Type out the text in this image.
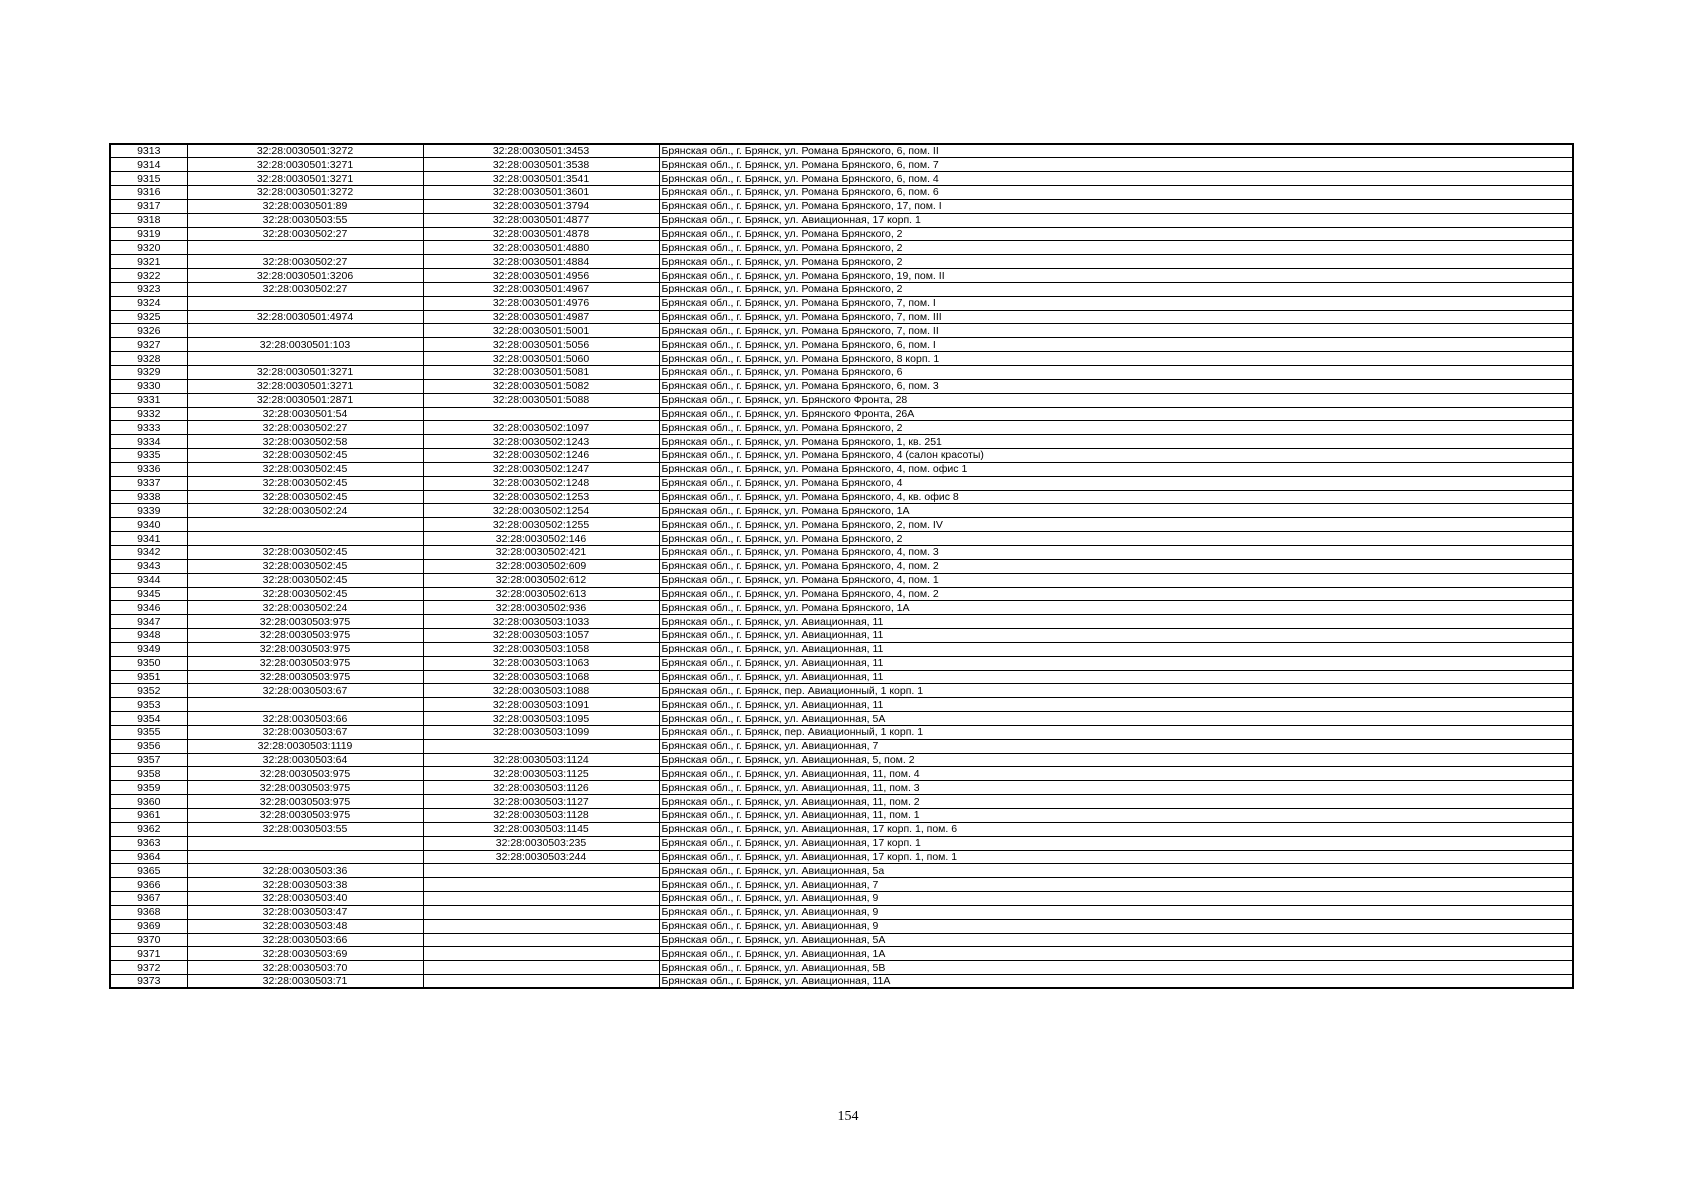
9313	32:28:0030501:3272	32:28:0030501:3453	Брянская обл., г. Брянск, ул. Романа Брянского, 6, пом. II
9314	32:28:0030501:3271	32:28:0030501:3538	Брянская обл., г. Брянск, ул. Романа Брянского, 6, пом. 7
9315	32:28:0030501:3271	32:28:0030501:3541	Брянская обл., г. Брянск, ул. Романа Брянского, 6, пом. 4
9316	32:28:0030501:3272	32:28:0030501:3601	Брянская обл., г. Брянск, ул. Романа Брянского, 6, пом. 6
9317	32:28:0030501:89	32:28:0030501:3794	Брянская обл., г. Брянск, ул. Романа Брянского, 17, пом. I
9318	32:28:0030503:55	32:28:0030501:4877	Брянская обл., г. Брянск, ул. Авиационная, 17 корп. 1
9319	32:28:0030502:27	32:28:0030501:4878	Брянская обл., г. Брянск, ул. Романа Брянского, 2
9320		32:28:0030501:4880	Брянская обл., г. Брянск, ул. Романа Брянского, 2
9321	32:28:0030502:27	32:28:0030501:4884	Брянская обл., г. Брянск, ул. Романа Брянского, 2
9322	32:28:0030501:3206	32:28:0030501:4956	Брянская обл., г. Брянск, ул. Романа Брянского, 19, пом. II
9323	32:28:0030502:27	32:28:0030501:4967	Брянская обл., г. Брянск, ул. Романа Брянского, 2
9324		32:28:0030501:4976	Брянская обл., г. Брянск, ул. Романа Брянского, 7, пом. I
9325	32:28:0030501:4974	32:28:0030501:4987	Брянская обл., г. Брянск, ул. Романа Брянского, 7, пом. III
9326		32:28:0030501:5001	Брянская обл., г. Брянск, ул. Романа Брянского, 7, пом. II
9327	32:28:0030501:103	32:28:0030501:5056	Брянская обл., г. Брянск, ул. Романа Брянского, 6, пом. I
9328		32:28:0030501:5060	Брянская обл., г. Брянск, ул. Романа Брянского, 8 корп. 1
9329	32:28:0030501:3271	32:28:0030501:5081	Брянская обл., г. Брянск, ул. Романа Брянского, 6
9330	32:28:0030501:3271	32:28:0030501:5082	Брянская обл., г. Брянск, ул. Романа Брянского, 6, пом. 3
9331	32:28:0030501:2871	32:28:0030501:5088	Брянская обл., г. Брянск, ул. Брянского Фронта, 28
9332	32:28:0030501:54		Брянская обл., г. Брянск, ул. Брянского Фронта, 26А
9333	32:28:0030502:27	32:28:0030502:1097	Брянская обл., г. Брянск, ул. Романа Брянского, 2
9334	32:28:0030502:58	32:28:0030502:1243	Брянская обл., г. Брянск, ул. Романа Брянского, 1, кв. 251
9335	32:28:0030502:45	32:28:0030502:1246	Брянская обл., г. Брянск, ул. Романа Брянского, 4 (салон красоты)
9336	32:28:0030502:45	32:28:0030502:1247	Брянская обл., г. Брянск, ул. Романа Брянского, 4, пом. офис 1
9337	32:28:0030502:45	32:28:0030502:1248	Брянская обл., г. Брянск, ул. Романа Брянского, 4
9338	32:28:0030502:45	32:28:0030502:1253	Брянская обл., г. Брянск, ул. Романа Брянского, 4, кв. офис 8
9339	32:28:0030502:24	32:28:0030502:1254	Брянская обл., г. Брянск, ул. Романа Брянского, 1А
9340		32:28:0030502:1255	Брянская обл., г. Брянск, ул. Романа Брянского, 2, пом. IV
9341		32:28:0030502:146	Брянская обл., г. Брянск, ул. Романа Брянского, 2
9342	32:28:0030502:45	32:28:0030502:421	Брянская обл., г. Брянск, ул. Романа Брянского, 4, пом. 3
9343	32:28:0030502:45	32:28:0030502:609	Брянская обл., г. Брянск, ул. Романа Брянского, 4, пом. 2
9344	32:28:0030502:45	32:28:0030502:612	Брянская обл., г. Брянск, ул. Романа Брянского, 4, пом. 1
9345	32:28:0030502:45	32:28:0030502:613	Брянская обл., г. Брянск, ул. Романа Брянского, 4, пом. 2
9346	32:28:0030502:24	32:28:0030502:936	Брянская обл., г. Брянск, ул. Романа Брянского, 1А
9347	32:28:0030503:975	32:28:0030503:1033	Брянская обл., г. Брянск, ул. Авиационная, 11
9348	32:28:0030503:975	32:28:0030503:1057	Брянская обл., г. Брянск, ул. Авиационная, 11
9349	32:28:0030503:975	32:28:0030503:1058	Брянская обл., г. Брянск, ул. Авиационная, 11
9350	32:28:0030503:975	32:28:0030503:1063	Брянская обл., г. Брянск, ул. Авиационная, 11
9351	32:28:0030503:975	32:28:0030503:1068	Брянская обл., г. Брянск, ул. Авиационная, 11
9352	32:28:0030503:67	32:28:0030503:1088	Брянская обл., г. Брянск, пер. Авиационный, 1 корп. 1
9353		32:28:0030503:1091	Брянская обл., г. Брянск, ул. Авиационная, 11
9354	32:28:0030503:66	32:28:0030503:1095	Брянская обл., г. Брянск, ул. Авиационная, 5А
9355	32:28:0030503:67	32:28:0030503:1099	Брянская обл., г. Брянск, пер. Авиационный, 1 корп. 1
9356	32:28:0030503:1119		Брянская обл., г. Брянск, ул. Авиационная, 7
9357	32:28:0030503:64	32:28:0030503:1124	Брянская обл., г. Брянск, ул. Авиационная, 5, пом. 2
9358	32:28:0030503:975	32:28:0030503:1125	Брянская обл., г. Брянск, ул. Авиационная, 11, пом. 4
9359	32:28:0030503:975	32:28:0030503:1126	Брянская обл., г. Брянск, ул. Авиационная, 11, пом. 3
9360	32:28:0030503:975	32:28:0030503:1127	Брянская обл., г. Брянск, ул. Авиационная, 11, пом. 2
9361	32:28:0030503:975	32:28:0030503:1128	Брянская обл., г. Брянск, ул. Авиационная, 11, пом. 1
9362	32:28:0030503:55	32:28:0030503:1145	Брянская обл., г. Брянск, ул. Авиационная, 17 корп. 1, пом. 6
9363		32:28:0030503:235	Брянская обл., г. Брянск, ул. Авиационная, 17 корп. 1
9364		32:28:0030503:244	Брянская обл., г. Брянск, ул. Авиационная, 17 корп. 1, пом. 1
9365	32:28:0030503:36		Брянская обл., г. Брянск, ул. Авиационная, 5а
9366	32:28:0030503:38		Брянская обл., г. Брянск, ул. Авиационная, 7
9367	32:28:0030503:40		Брянская обл., г. Брянск, ул. Авиационная, 9
9368	32:28:0030503:47		Брянская обл., г. Брянск, ул. Авиационная, 9
9369	32:28:0030503:48		Брянская обл., г. Брянск, ул. Авиационная, 9
9370	32:28:0030503:66		Брянская обл., г. Брянск, ул. Авиационная, 5А
9371	32:28:0030503:69		Брянская обл., г. Брянск, ул. Авиационная, 1А
9372	32:28:0030503:70		Брянская обл., г. Брянск, ул. Авиационная, 5В
9373	32:28:0030503:71		Брянская обл., г. Брянск, ул. Авиационная, 11А
154
